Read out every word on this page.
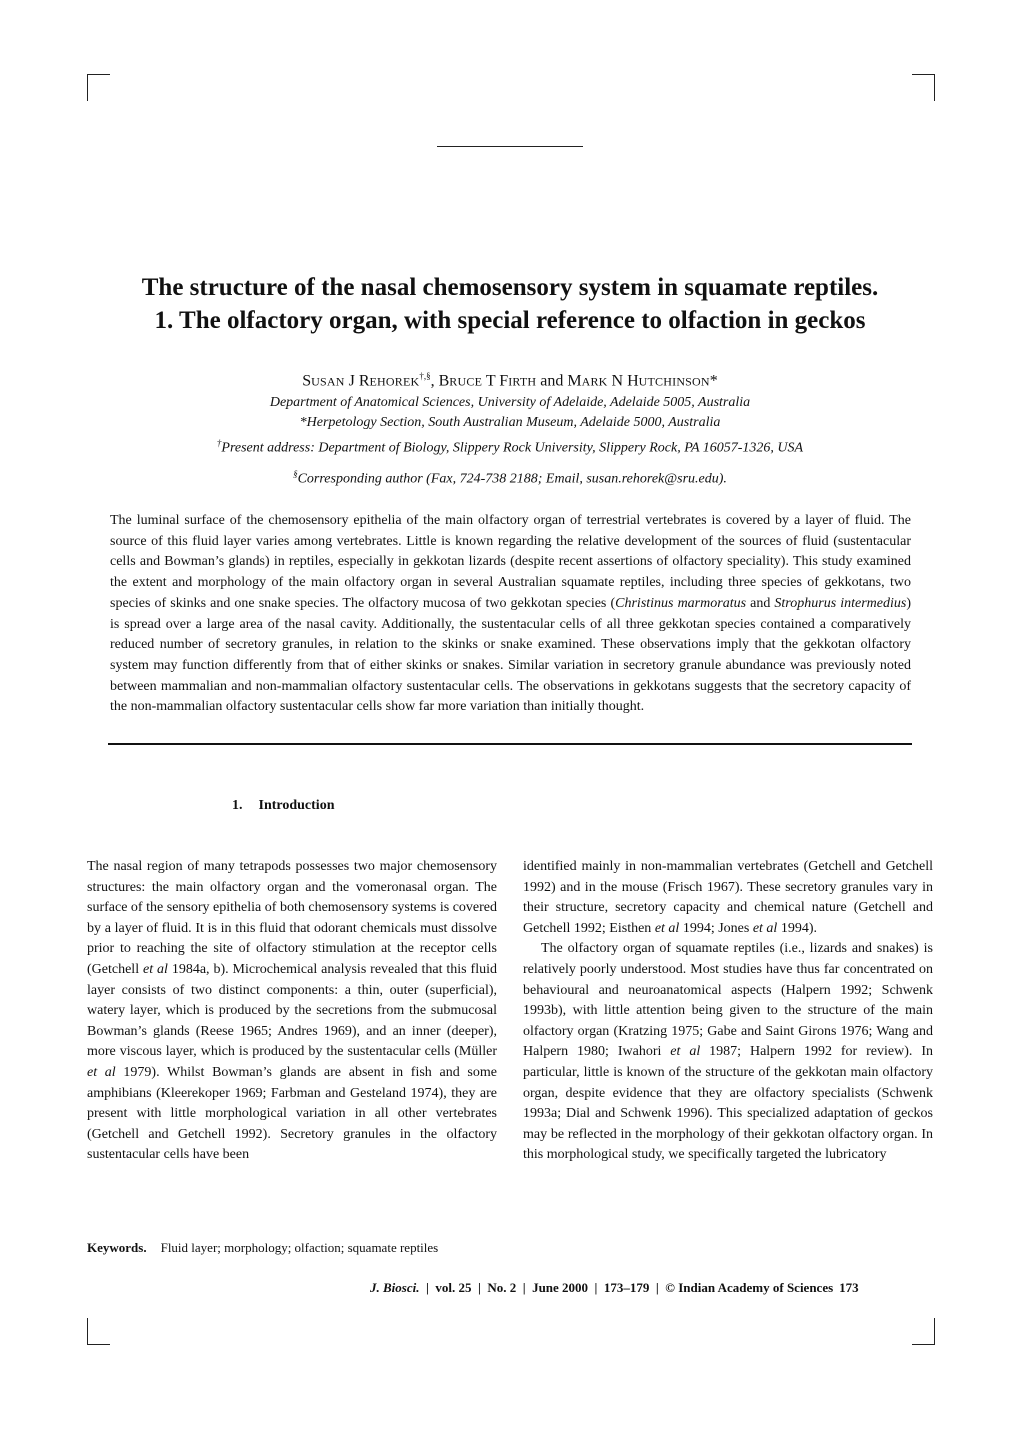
The structure of the nasal chemosensory system in squamate reptiles.
1. The olfactory organ, with special reference to olfaction in geckos
SUSAN J REHOREK†,§, BRUCE T FIRTH and MARK N HUTCHINSON*
Department of Anatomical Sciences, University of Adelaide, Adelaide 5005, Australia
*Herpetology Section, South Australian Museum, Adelaide 5000, Australia
†Present address: Department of Biology, Slippery Rock University, Slippery Rock, PA 16057-1326, USA
§Corresponding author (Fax, 724-738 2188; Email, susan.rehorek@sru.edu).
The luminal surface of the chemosensory epithelia of the main olfactory organ of terrestrial vertebrates is covered by a layer of fluid. The source of this fluid layer varies among vertebrates. Little is known regarding the relative development of the sources of fluid (sustentacular cells and Bowman’s glands) in reptiles, especially in gekkotan lizards (despite recent assertions of olfactory speciality). This study examined the extent and morphology of the main olfactory organ in several Australian squamate reptiles, including three species of gekkotans, two species of skinks and one snake species. The olfactory mucosa of two gekkotan species (Christinus marmoratus and Strophurus intermedius) is spread over a large area of the nasal cavity. Additionally, the sustentacular cells of all three gekkotan species contained a comparatively reduced number of secretory granules, in relation to the skinks or snake examined. These observations imply that the gekkotan olfactory system may function differently from that of either skinks or snakes. Similar variation in secretory granule abundance was previously noted between mammalian and non-mammalian olfactory sustentacular cells. The observations in gekkotans suggests that the secretory capacity of the non-mammalian olfactory sustentacular cells show far more variation than initially thought.
1. Introduction

The nasal region of many tetrapods possesses two major chemosensory structures: the main olfactory organ and the vomeronasal organ. The surface of the sensory epithelia of both chemosensory systems is covered by a layer of fluid. It is in this fluid that odorant chemicals must dissolve prior to reaching the site of olfactory stimulation at the receptor cells (Getchell et al 1984a, b). Microchemical analysis revealed that this fluid layer consists of two distinct components: a thin, outer (superficial), watery layer, which is produced by the secretions from the submucosal Bowman’s glands (Reese 1965; Andres 1969), and an inner (deeper), more viscous layer, which is produced by the sustentacular cells (Müller et al 1979). Whilst Bowman’s glands are absent in fish and some amphibians (Kleerekoper 1969; Farbman and Gesteland 1974), they are present with little morphological variation in all other vertebrates (Getchell and Getchell 1992). Secretory granules in the olfactory sustentacular cells have been

identified mainly in non-mammalian vertebrates (Getchell and Getchell 1992) and in the mouse (Frisch 1967). These secretory granules vary in their structure, secretory capacity and chemical nature (Getchell and Getchell 1992; Eisthen et al 1994; Jones et al 1994).

The olfactory organ of squamate reptiles (i.e., lizards and snakes) is relatively poorly understood. Most studies have thus far concentrated on behavioural and neuroanatomical aspects (Halpern 1992; Schwenk 1993b), with little attention being given to the structure of the main olfactory organ (Kratzing 1975; Gabe and Saint Girons 1976; Wang and Halpern 1980; Iwahori et al 1987; Halpern 1992 for review). In particular, little is known of the structure of the gekkotan main olfactory organ, despite evidence that they are olfactory specialists (Schwenk 1993a; Dial and Schwenk 1996). This specialized adaptation of geckos may be reflected in the morphology of their gekkotan olfactory organ. In this morphological study, we specifically targeted the lubricatory

Keywords. Fluid layer; morphology; olfaction; squamate reptiles
J. Biosci.  |  vol. 25  |  No. 2  |  June 2000  |  173–179  |  © Indian Academy of Sciences 173
